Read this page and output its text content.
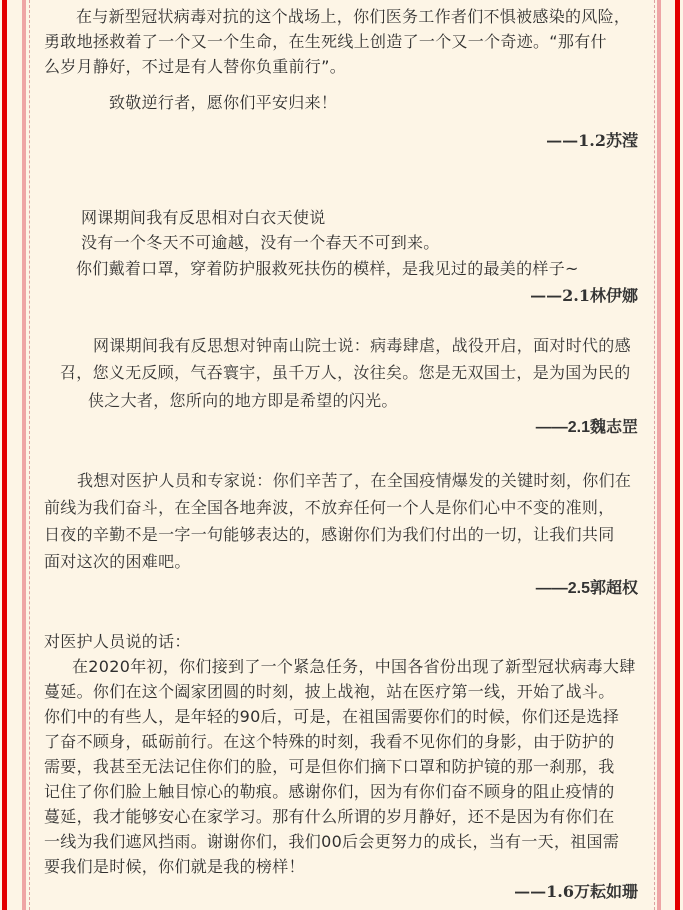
在与新型冠状病毒对抗的这个战场上，你们医务工作者们不惧被感染的风险，
勇敢地拯救着了一个又一个生命，在生死线上创造了一个又一个奇迹。“那有什
么岁月静好，不过是有人替你负重前行”。
致敬逆行者，愿你们平安归来！
——1.2苏滢
网课期间我有反思相对白衣天使说
没有一个冬天不可逾越，没有一个春天不可到来。
你们戴着口罩，穿着防护服救死扶伤的模样，是我见过的最美的样子~
——2.1林伊娜
网课期间我有反思想对钟南山院士说：病毒肆虐，战役开启，面对时代的感
召，您义无反顾，气吞寰宇，虽千万人，汝往矣。您是无双国士，是为国为民的
侠之大者，您所向的地方即是希望的闪光。
——2.1魏志罡
我想对医护人员和专家说：你们辛苦了，在全国疫情爆发的关键时刻，你们在
前线为我们奋斗，在全国各地奔波，不放弃任何一个人是你们心中不变的准则，
日夜的辛勤不是一字一句能够表达的，感谢你们为我们付出的一切，让我们共同
面对这次的困难吧。
——2.5郭超权
对医护人员说的话：
在2020年初，你们接到了一个紧急任务，中国各省份出现了新型冠状病毒大肆
蔓延。你们在这个阖家团圆的时刻，披上战袍，站在医疗第一线，开始了战斗。
你们中的有些人，是年轻的90后，可是，在祖国需要你们的时候，你们还是选择
了奋不顾身，砥砺前行。在这个特殊的时刻，我看不见你们的身影，由于防护的
需要，我甚至无法记住你们的脸，可是但你们摘下口罩和防护镜的那一刹那，我
记住了你们脸上触目惊心的勒痕。感谢你们，因为有你们奋不顾身的阻止疫情的
蔓延，我才能够安心在家学习。那有什么所谓的岁月静好，还不是因为有你们在
一线为我们遮风挡雨。谢谢你们，我们00后会更努力的成长，当有一天，祖国需
要我们是时候，你们就是我的榜样！
——1.6万耘如珊
